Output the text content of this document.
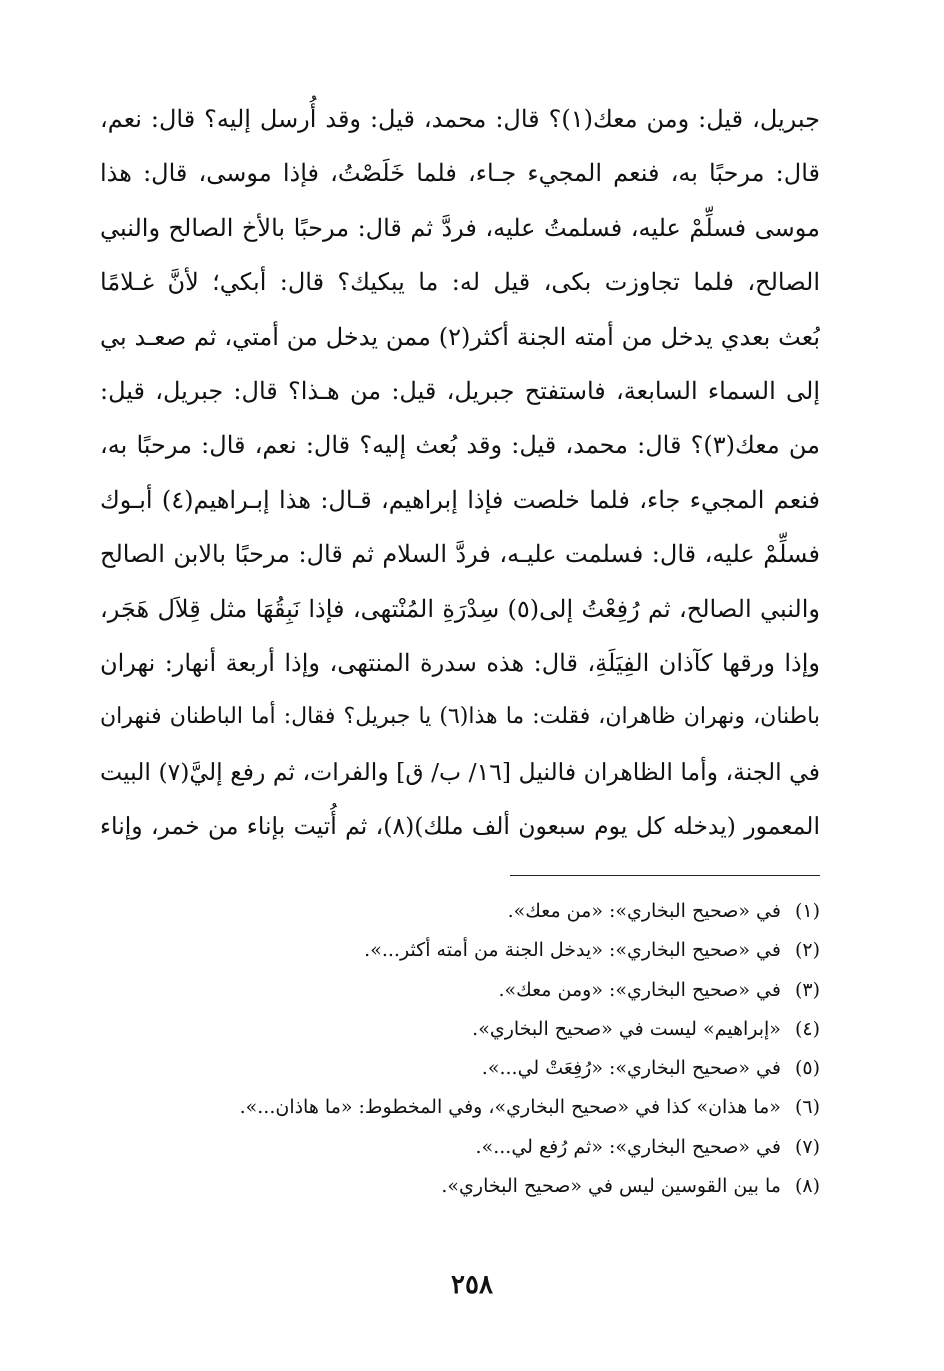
جبريل، قيل: ومن معك(١)؟ قال: محمد، قيل: وقد أُرسل إليه؟ قال: نعم،
قال: مرحبًا به، فنعم المجيء جـاء، فلما خَلَصْتُ، فإذا موسى، قال: هذا
موسى فسلِّمْ عليه، فسلمتُ عليه، فردَّ ثم قال: مرحبًا بالأخ الصالح والنبي
الصالح، فلما تجاوزت بكى، قيل له: ما يبكيك؟ قال: أبكي؛ لأنَّ غـلامًا
بُعث بعدي يدخل من أمته الجنة أكثر(٢) ممن يدخل من أمتي، ثم صعـد بي
إلى السماء السابعة، فاستفتح جبريل، قيل: من هـذا؟ قال: جبريل، قيل:
من معك(٣)؟ قال: محمد، قيل: وقد بُعث إليه؟ قال: نعم، قال: مرحبًا به،
فنعم المجيء جاء، فلما خلصت فإذا إبراهيم، قـال: هذا إبـراهيم(٤) أبـوك
فسلِّمْ عليه، قال: فسلمت عليـه، فردَّ السلام ثم قال: مرحبًا بالابن الصالح
والنبي الصالح، ثم رُفِعْتُ إلى(٥) سِدْرَةِ المُنْتهى، فإذا نَبِقُهَا مثل قِلاَل هَجَر،
وإذا ورقها كآذان الفِيَلَةِ، قال: هذه سدرة المنتهى، وإذا أربعة أنهار: نهران
باطنان، ونهران ظاهران، فقلت: ما هذا(٦) يا جبريل؟ فقال: أما الباطنان فنهران
في الجنة، وأما الظاهران فالنيل [١٦/ ب/ ق] والفرات، ثم رفع إليَّ(٧) البيت
المعمور (يدخله كل يوم سبعون ألف ملك)(٨)، ثم أُتيت بإناء من خمر، وإناء
(١)في «صحيح البخاري»: «من معك».
(٢)في «صحيح البخاري»: «يدخل الجنة من أمته أكثر...».
(٣)في «صحيح البخاري»: «ومن معك».
(٤)«إبراهيم» ليست في «صحيح البخاري».
(٥)في «صحيح البخاري»: «رُفِعَتْ لي...».
(٦)«ما هذان» كذا في «صحيح البخاري»، وفي المخطوط: «ما هاذان...».
(٧)في «صحيح البخاري»: «ثم رُفع لي...».
(٨)ما بين القوسين ليس في «صحيح البخاري».
٢٥٨
